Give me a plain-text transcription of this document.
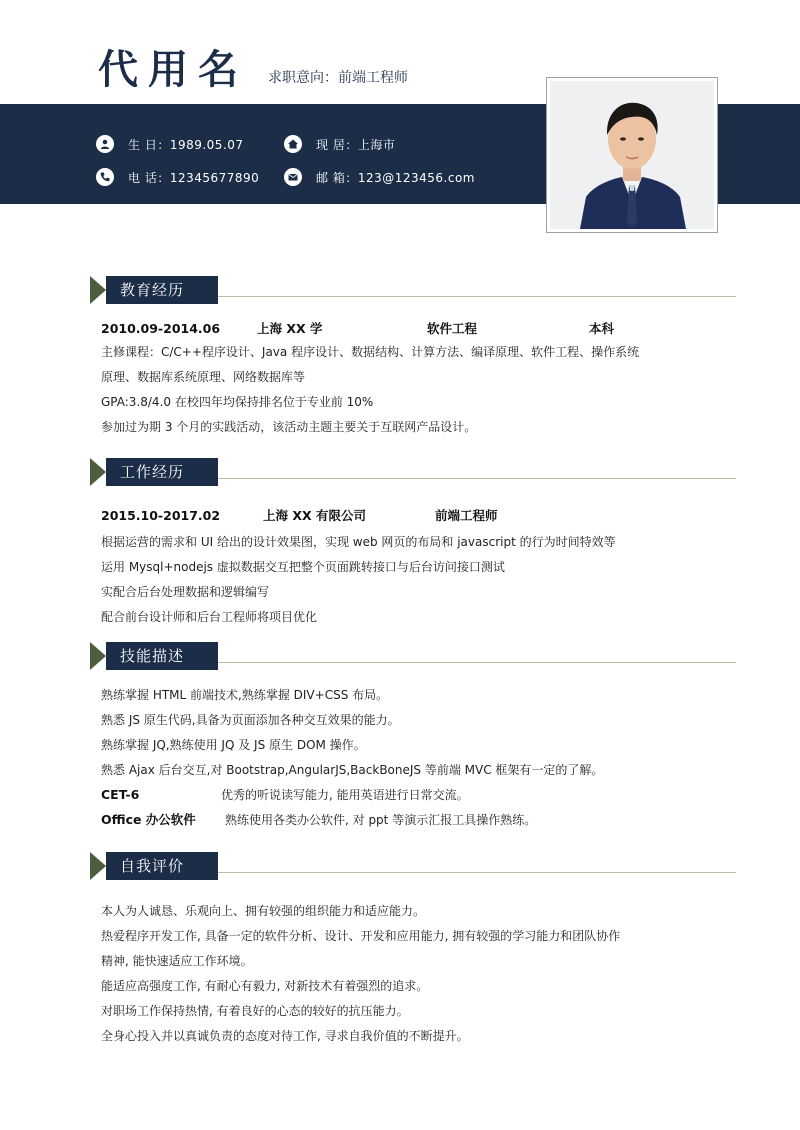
代用名 求职意向：前端工程师
生 日：1989.05.07	现 居：上海市
电 话：12345677890	邮 箱：123@123456.com
教育经历
2010.09-2014.06	上海 XX 学	软件工程	本科
主修课程：C/C++程序设计、Java 程序设计、数据结构、计算方法、编译原理、软件工程、操作系统
原理、数据库系统原理、网络数据库等
GPA:3.8/4.0 在校四年均保持排名位于专业前 10%
参加过为期 3 个月的实践活动，该活动主题主要关于互联网产品设计。
工作经历
2015.10-2017.02	上海 XX 有限公司	前端工程师
根据运营的需求和 UI 给出的设计效果图，实现 web 网页的布局和 javascript 的行为时间特效等
运用 Mysql+nodejs 虚拟数据交互把整个页面跳转接口与后台访问接口测试
实配合后台处理数据和逻辑编写
配合前台设计师和后台工程师将项目优化
技能描述
熟练掌握 HTML 前端技术,熟练掌握 DIV+CSS 布局。
熟悉 JS 原生代码,具备为页面添加各种交互效果的能力。
熟练掌握 JQ,熟练使用 JQ 及 JS 原生 DOM 操作。
熟悉 Ajax 后台交互,对 Bootstrap,AngularJS,BackBoneJS 等前端 MVC 框架有一定的了解。
CET-6	优秀的听说读写能力, 能用英语进行日常交流。
Office 办公软件 熟练使用各类办公软件, 对 ppt 等演示汇报工具操作熟练。
自我评价
本人为人诚恳、乐观向上、拥有较强的组织能力和适应能力。
热爱程序开发工作, 具备一定的软件分析、设计、开发和应用能力, 拥有较强的学习能力和团队协作
精神, 能快速适应工作环境。
能适应高强度工作, 有耐心有毅力, 对新技术有着强烈的追求。
对职场工作保持热情, 有着良好的心态的较好的抗压能力。
全身心投入并以真诚负责的态度对待工作, 寻求自我价值的不断提升。
